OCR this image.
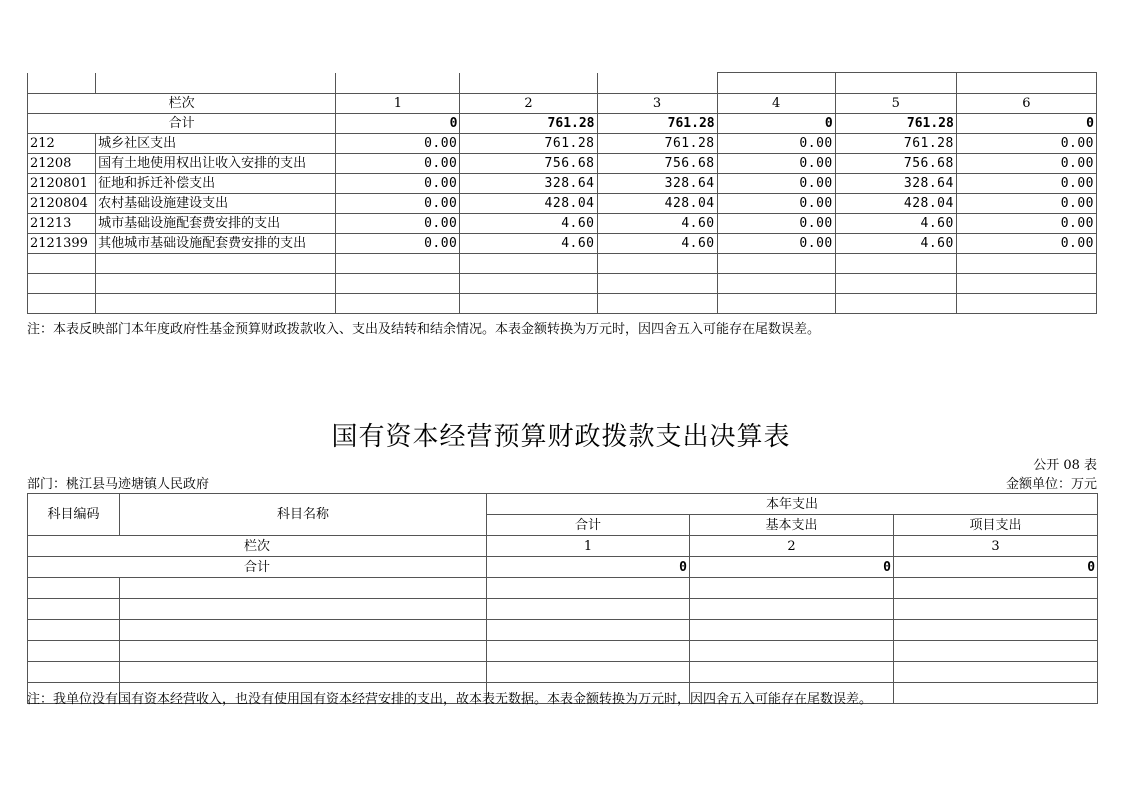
栏次		1	2	3	4	5	6
合计		0	761.28	761.28	0	761.28	0
212	城乡社区支出	0.00	761.28	761.28	0.00	761.28	0.00
21208	国有土地使用权出让收入安排的支出	0.00	756.68	756.68	0.00	756.68	0.00
2120801	征地和拆迁补偿支出	0.00	328.64	328.64	0.00	328.64	0.00
2120804	农村基础设施建设支出	0.00	428.04	428.04	0.00	428.04	0.00
21213	城市基础设施配套费安排的支出	0.00	4.60	4.60	0.00	4.60	0.00
2121399	其他城市基础设施配套费安排的支出	0.00	4.60	4.60	0.00	4.60	0.00

注：本表反映部门本年度政府性基金预算财政拨款收入、支出及结转和结余情况。本表金额转换为万元时，因四舍五入可能存在尾数误差。
国有资本经营预算财政拨款支出决算表
公开 08 表
部门：桃江县马迹塘镇人民政府	金额单位：万元
科目编码	科目名称	本年支出		
		合计	基本支出	项目支出
栏次		1	2	3
合计		0	0	0

注：我单位没有国有资本经营收入，也没有使用国有资本经营安排的支出，故本表无数据。本表金额转换为万元时，因四舍五入可能存在尾数误差。
